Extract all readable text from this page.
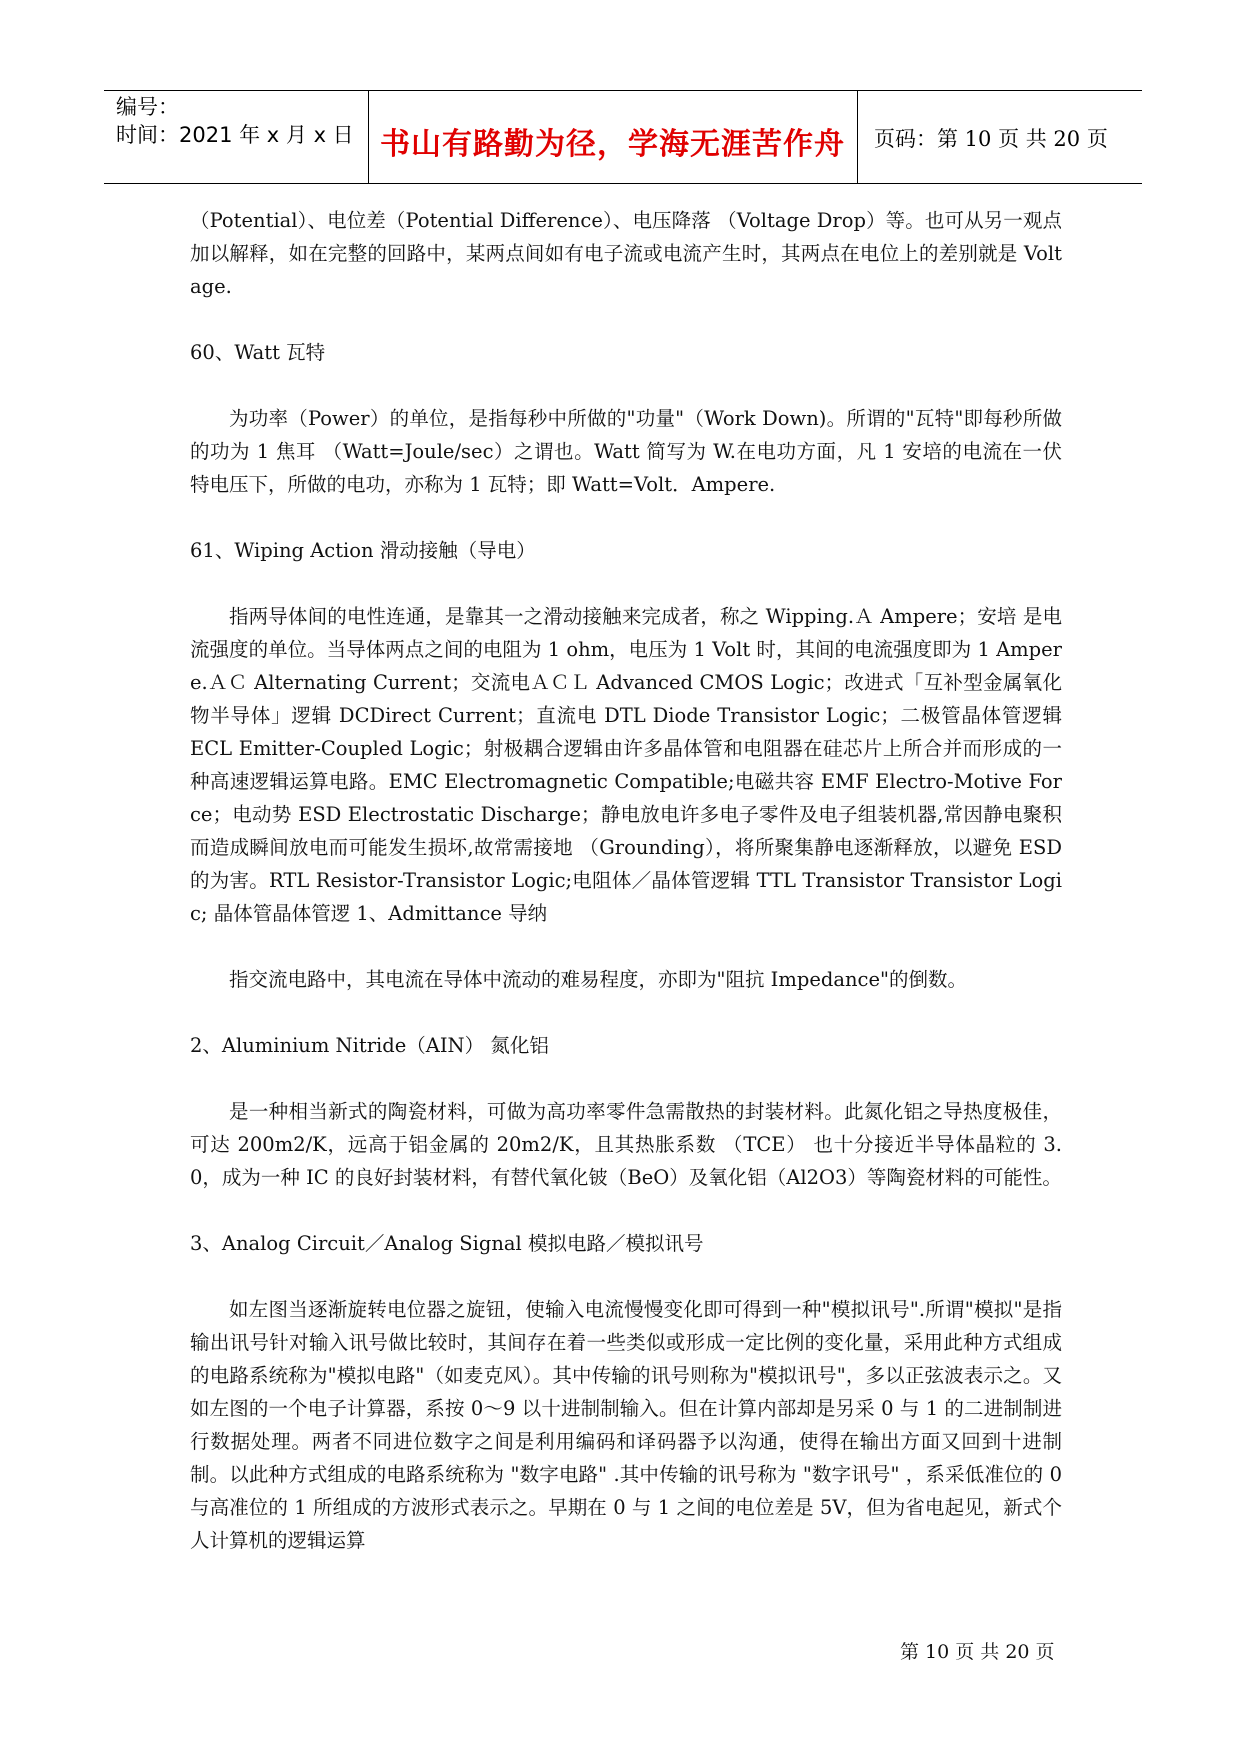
编号：
时间：2021 年 x 月 x 日 书山有路勤为径，学海无涯苦作舟	页码：第 10 页 共 20 页

（Potential）、电位差（Potential Difference）、电压降落 （Voltage Drop）等。也可从另一观点加以解释，如在完整的回路中，某两点间如有电子流或电流产生时，其两点在电位上的差别就是 Voltage.

60、Watt 瓦特

为功率（Power）的单位，是指每秒中所做的"功量"（Work Down)。所谓的"瓦特"即每秒所做的功为 1 焦耳 （Watt=Joule/sec）之谓也。Watt 简写为 W.在电功方面，凡 1 安培的电流在一伏特电压下，所做的电功，亦称为 1 瓦特；即 Watt=Volt．Ampere.

61、Wiping Action 滑动接触（导电）

指两导体间的电性连通，是靠其一之滑动接触来完成者，称之 Wipping.Ａ Ampere；安培 是电流强度的单位。当导体两点之间的电阻为 1 ohm，电压为 1 Volt 时，其间的电流强度即为 1 Ampere.ＡＣ Alternating Current；交流电ＡＣＬ Advanced CMOS Logic；改进式「互补型金属氧化物半导体」逻辑 DCDirect Current；直流电 DTL Diode Transistor Logic；二极管晶体管逻辑 ECL Emitter-Coupled Logic；射极耦合逻辑由许多晶体管和电阻器在硅芯片上所合并而形成的一种高速逻辑运算电路。EMC Electromagnetic Compatible;电磁共容 EMF Electro-Motive Force；电动势 ESD Electrostatic Discharge；静电放电许多电子零件及电子组装机器,常因静电聚积而造成瞬间放电而可能发生损坏,故常需接地 （Grounding），将所聚集静电逐渐释放，以避免 ESD 的为害。RTL Resistor-Transistor Logic;电阻体／晶体管逻辑 TTL Transistor Transistor Logic; 晶体管晶体管逻 1、Admittance 导纳

指交流电路中，其电流在导体中流动的难易程度，亦即为"阻抗 Impedance"的倒数。

2、Aluminium Nitride（AIN） 氮化铝

是一种相当新式的陶瓷材料，可做为高功率零件急需散热的封装材料。此氮化铝之导热度极佳，可达 200m2/K，远高于铝金属的 20m2/K，且其热胀系数 （TCE） 也十分接近半导体晶粒的 3.0，成为一种 IC 的良好封装材料，有替代氧化铍（BeO）及氧化铝（Al2O3）等陶瓷材料的可能性。

3、Analog Circuit／Analog Signal 模拟电路／模拟讯号

如左图当逐渐旋转电位器之旋钮，使输入电流慢慢变化即可得到一种"模拟讯号".所谓"模拟"是指输出讯号针对输入讯号做比较时，其间存在着一些类似或形成一定比例的变化量，采用此种方式组成的电路系统称为"模拟电路"（如麦克风）。其中传输的讯号则称为"模拟讯号"，多以正弦波表示之。又如左图的一个电子计算器，系按 0～9 以十进制制输入。但在计算内部却是另采 0 与 1 的二进制制进行数据处理。两者不同进位数字之间是利用编码和译码器予以沟通，使得在输出方面又回到十进制制。以此种方式组成的电路系统称为 "数字电路" .其中传输的讯号称为 "数字讯号" ，系采低准位的 0 与高准位的 1 所组成的方波形式表示之。早期在 0 与 1 之间的电位差是 5V，但为省电起见，新式个人计算机的逻辑运算

第 10 页 共 20 页
